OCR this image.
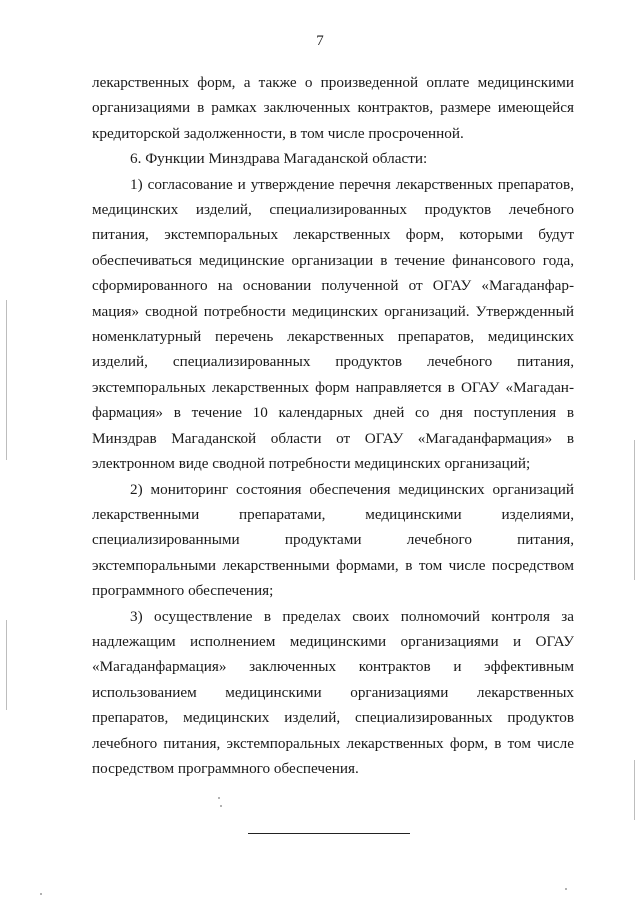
7

лекарственных форм, а также о произведенной оплате медицинскими организациями в рамках заключенных контрактов, размере имеющейся кредиторской задолженности, в том числе просроченной.

6. Функции Минздрава Магаданской области:

1) согласование и утверждение перечня лекарственных препаратов, медицинских изделий, специализированных продуктов лечебного питания, экстемпоральных лекарственных форм, которыми будут обеспечиваться медицинские организации в течение финансового года, сформированного на основании полученной от ОГАУ «Магаданфар-мация» сводной потребности медицинских организаций. Утвержденный номенклатурный перечень лекарственных препаратов, медицинских изделий, специализированных продуктов лечебного питания, экстемпоральных лекарственных форм направляется в ОГАУ «Магадан-фармация» в течение 10 календарных дней со дня поступления в Минздрав Магаданской области от ОГАУ «Магаданфармация» в электронном виде сводной потребности медицинских организаций;

2) мониторинг состояния обеспечения медицинских организаций лекарственными препаратами, медицинскими изделиями, специализированными продуктами лечебного питания, экстемпоральными лекарственными формами, в том числе посредством программного обеспечения;

3) осуществление в пределах своих полномочий контроля за надлежащим исполнением медицинскими организациями и ОГАУ «Магаданфармация» заключенных контрактов и эффективным использованием медицинскими организациями лекарственных препаратов, медицинских изделий, специализированных продуктов лечебного питания, экстемпоральных лекарственных форм, в том числе посредством программного обеспечения.
